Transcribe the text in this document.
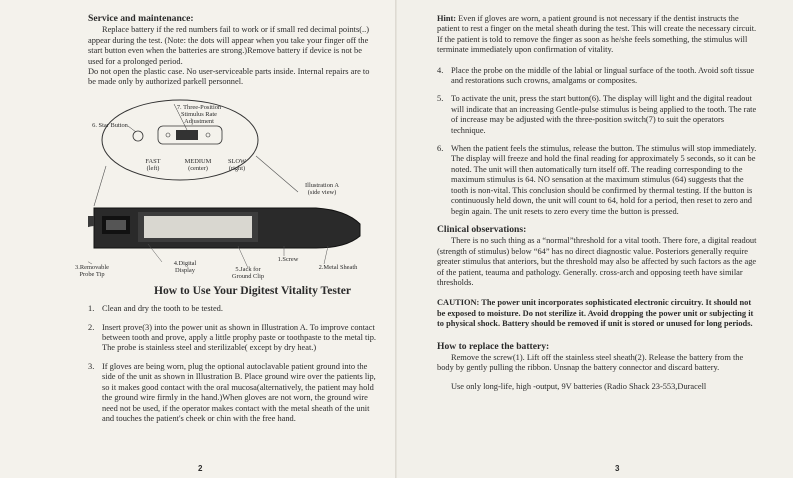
Service and maintenance:

Replace battery if the red numbers fail to work or if small red decimal points(..) appear during the test. (Note: the dots will appear when you take your finger off the start button even when the batteries are strong.)Remove battery if device is not be used for a prolonged period.

Do not open the plastic case. No user-serviceable parts inside. Internal repairs are to be made only by authorized parkell personnel.

7. Three-Position
Stimulus Rate
Adjustment
6. Star Button
FAST
(left)
MEDIUM
(center)
SLOW
(right)
Illustration A
(side view)
3.Removable
Probe Tip
4.Digital
Display	5.Jack for
Ground Clip
1.Screw
2.Metal Sheath
How to Use Your Digitest Vitality Tester
1. Clean and dry the tooth to be tested.
2. Insert prove(3) into the power unit as shown in Illustration A. To improve contact between tooth and prove, apply a little prophy paste or toothpaste to the metal tip. The probe is stainless steel and sterilizable( except by dry heat.)
3. If gloves are being worn, plug the optional autoclavable patient ground into the side of the unit as shown in Illustration B. Place ground wire over the patients lip, so it makes good contact with the oral mucosa(alternatively, the patient may hold the ground wire firmly in the hand.)When gloves are not worn, the ground wire need not be used, if the operator makes contact with the metal sheath of the unit and touches the patient's cheek or chin with the free hand.
2

Hint: Even if gloves are worn, a patient ground is not necessary if the dentist instructs the patient to rest a finger on the metal sheath during the test. This will create the necessary circuit. If the patient is told to remove the finger as soon as he/she feels something, the stimulus will terminate immediately upon confirmation of vitality.

4. Place the probe on the middle of the labial or lingual surface of the tooth. Avoid soft tissue and restorations such crowns, amalgams or composites.
5. To activate the unit, press the start button(6). The display will light and the digital readout will indicate that an increasing Gentle-pulse stimulus is being applied to the tooth. The rate of increase may be adjusted with the three-position switch(7) to suit the operators technique.
6. When the patient feels the stimulus, release the button. The stimulus will stop immediately. The display will freeze and hold the final reading for approximately 5 seconds, so it can be noted. The unit will then automatically turn itself off. The reading corresponding to the maximum stimulus is 64. NO sensation at the maximum stimulus (64) suggests that the tooth is non-vital. This conclusion should be confirmed by thermal testing. If the button is continuously held down, the unit will count to 64, hold for a period, then reset to zero and begin again. The unit resets to zero every time the button is pressed.
Clinical observations:

There is no such thing as a “normal”threshold for a vital tooth. There fore, a digital readout (strength of stimulus) below “64” has no direct diagnostic value. Posteriors generally require greater stimulus that anteriors, but the threshold may also be affected by such factors as the age of the patient, teauma and pathology. Generally. cross-arch and opposing teeth have similar thresholds.

CAUTION: The power unit incorporates sophisticated electronic circuitry. It should not be exposed to moisture. Do not sterilize it. Avoid dropping the power unit or subjecting it to physical shock. Battery should be removed if unit is stored or unused for long periods.

How to replace the battery:

Remove the screw(1). Lift off the stainless steel sheath(2). Release the battery from the body by gently pulling the ribbon. Unsnap the battery connector and discard battery.

Use only long-life, high -output, 9V batteries (Radio Shack 23-553,Duracell

3
